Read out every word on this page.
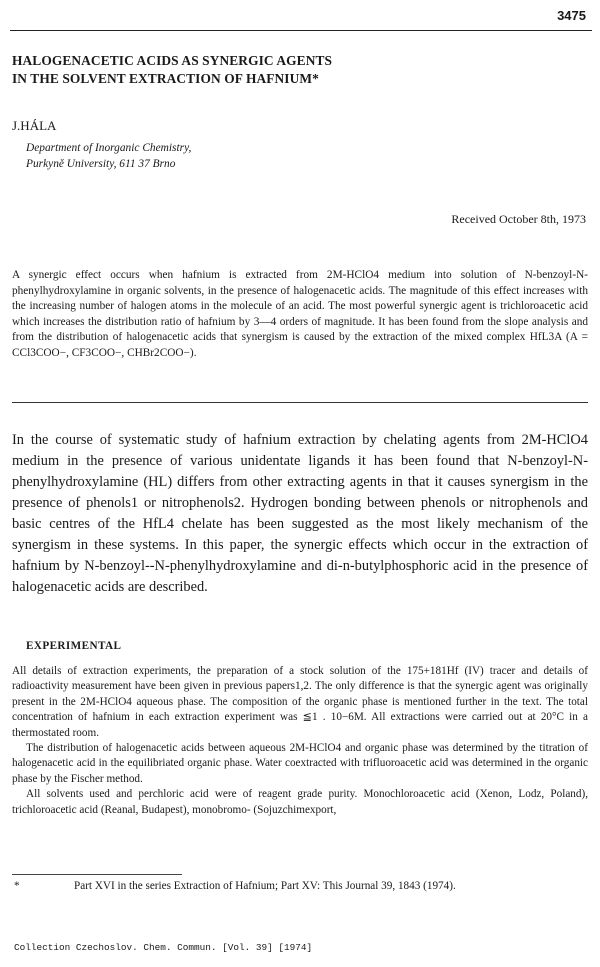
3475
HALOGENACETIC ACIDS AS SYNERGIC AGENTS
IN THE SOLVENT EXTRACTION OF HAFNIUM*
J.HÁLA
Department of Inorganic Chemistry,
Purkyně University, 611 37 Brno
Received October 8th, 1973
A synergic effect occurs when hafnium is extracted from 2M-HClO4 medium into solution of N-benzoyl-N-phenylhydroxylamine in organic solvents, in the presence of halogenacetic acids. The magnitude of this effect increases with the increasing number of halogen atoms in the molecule of an acid. The most powerful synergic agent is trichloroacetic acid which increases the distribution ratio of hafnium by 3—4 orders of magnitude. It has been found from the slope analysis and from the distribution of halogenacetic acids that synergism is caused by the extraction of the mixed complex HfL3A (A = CCl3COO−, CF3COO−, CHBr2COO−).
In the course of systematic study of hafnium extraction by chelating agents from 2M-HClO4 medium in the presence of various unidentate ligands it has been found that N-benzoyl-N-phenylhydroxylamine (HL) differs from other extracting agents in that it causes synergism in the presence of phenols1 or nitrophenols2. Hydrogen bonding between phenols or nitrophenols and basic centres of the HfL4 chelate has been suggested as the most likely mechanism of the synergism in these systems. In this paper, the synergic effects which occur in the extraction of hafnium by N-benzoyl--N-phenylhydroxylamine and di-n-butylphosphoric acid in the presence of halogenacetic acids are described.
EXPERIMENTAL

All details of extraction experiments, the preparation of a stock solution of the 175+181Hf (IV) tracer and details of radioactivity measurement have been given in previous papers1,2. The only difference is that the synergic agent was originally present in the 2M-HClO4 aqueous phase. The composition of the organic phase is mentioned further in the text. The total concentration of hafnium in each extraction experiment was ≦1 . 10−6M. All extractions were carried out at 20°C in a thermostated room.

The distribution of halogenacetic acids between aqueous 2M-HClO4 and organic phase was determined by the titration of halogenacetic acid in the equilibriated organic phase. Water coextracted with trifluoroacetic acid was determined in the organic phase by the Fischer method.

All solvents used and perchloric acid were of reagent grade purity. Monochloroacetic acid (Xenon, Lodz, Poland), trichloroacetic acid (Reanal, Budapest), monobromo- (Sojuzchimexport,

*	Part XVI in the series Extraction of Hafnium; Part XV: This Journal 39, 1843 (1974).
Collection Czechoslov. Chem. Commun. [Vol. 39] [1974]
